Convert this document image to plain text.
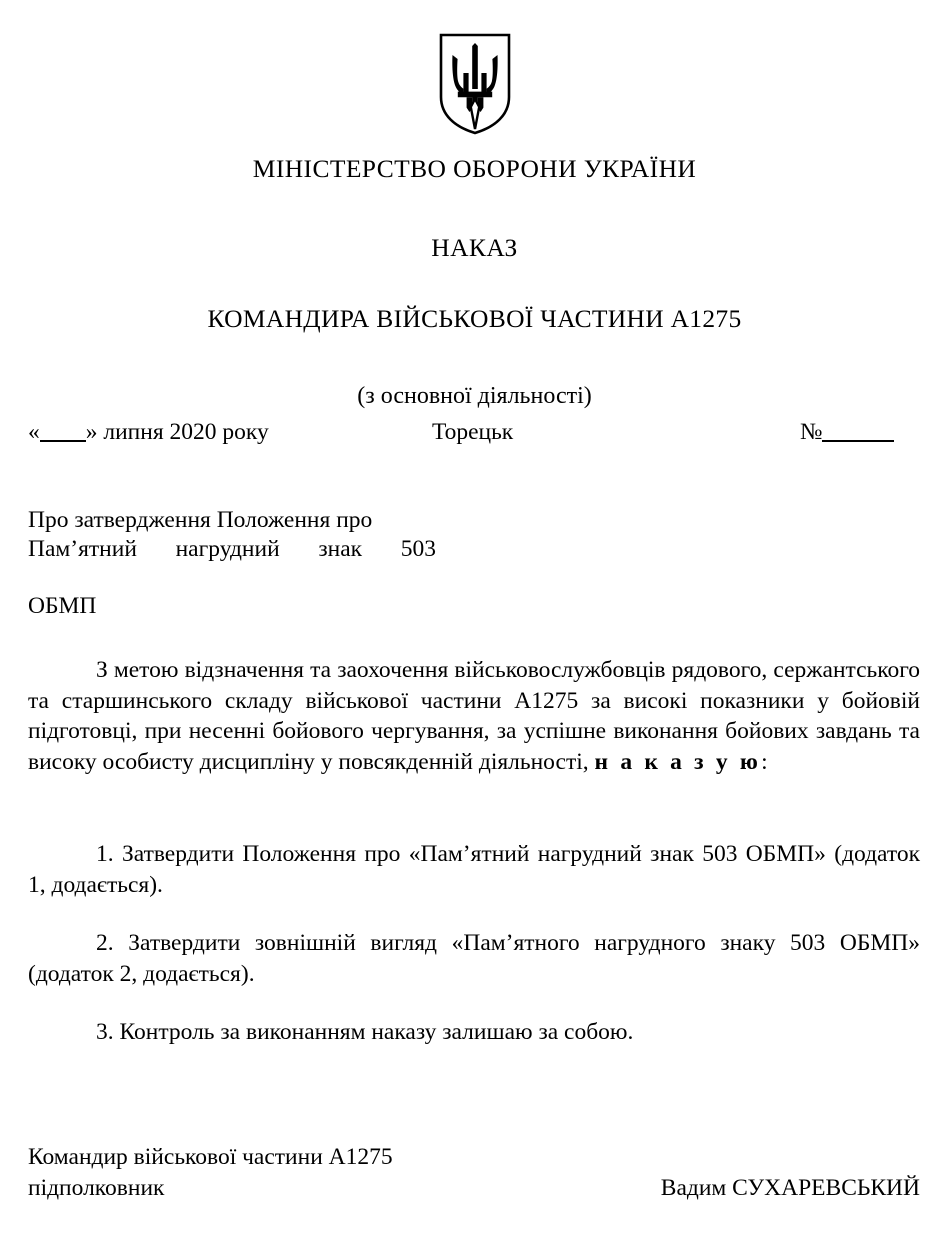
МІНІСТЕРСТВО ОБОРОНИ УКРАЇНИ
НАКАЗ
КОМАНДИРА ВІЙСЬКОВОЇ ЧАСТИНИ А1275
(з основної діяльності)
« » липня 2020 року	Торецьк	№
Про затвердження Положення про
Пам’ятний нагрудний знак 503
ОБМП

З метою відзначення та заохочення військовослужбовців рядового, сержантського та старшинського складу військової частини А1275 за високі показники у бойовій підготовці, при несенні бойового чергування, за успішне виконання бойових завдань та високу особисту дисципліну у повсякденній діяльності, н а к а з у ю:

1. Затвердити Положення про «Пам’ятний нагрудний знак 503 ОБМП» (додаток 1, додається).

2. Затвердити зовнішній вигляд «Пам’ятного нагрудного знаку 503 ОБМП» (додаток 2, додається).

3. Контроль за виконанням наказу залишаю за собою.

Командир військової частини А1275
підполковник	Вадим СУХАРЕВСЬКИЙ
